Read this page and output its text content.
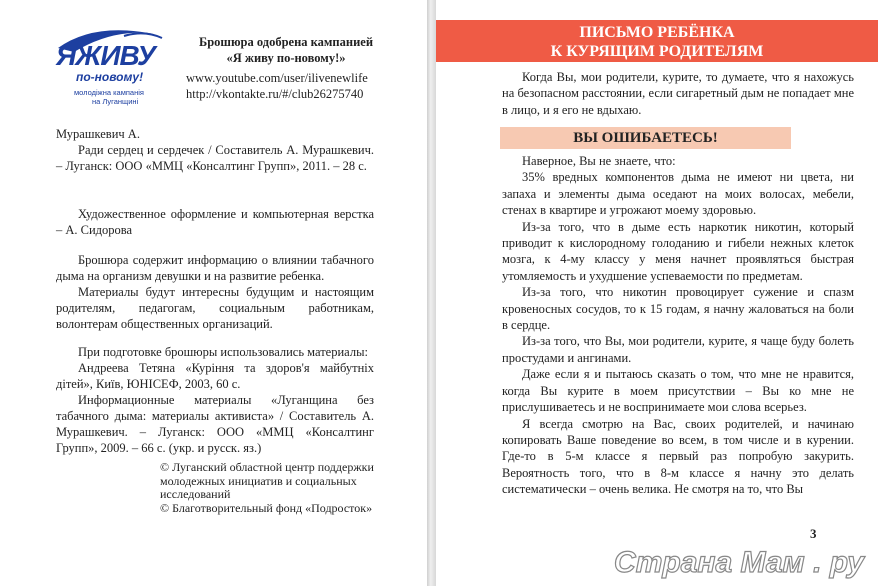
ЯЖИВУ
по-новому!
молодіжна кампанія
на Луганщині
Брошюра одобрена кампанией
«Я живу по-новому!»
www.youtube.com/user/ilivenewlife
http://vkontakte.ru/#/club26275740

Мурашкевич А.

Ради сердец и сердечек / Составитель А. Мурашкевич. – Луганск: ООО «ММЦ «Консалтинг Групп», 2011. – 28 с.

Художественное оформление и компьютерная верстка – А. Сидорова

Брошюра содержит информацию о влиянии табачного дыма на организм девушки и на развитие ребенка.

Материалы будут интересны будущим и настоящим родителям, педагогам, социальным работникам, волонтерам общественных организаций.

При подготовке брошюры использовались материалы:

Андреева Тетяна «Куріння та здоров'я майбутніх дітей», Київ, ЮНІСЕФ, 2003, 60 с.

Информационные материалы «Луганщина без табачного дыма: материалы активиста» / Составитель А. Мурашкевич. – Луганск: ООО «ММЦ «Консалтинг Групп», 2009. – 66 с. (укр. и русск. яз.)

© Луганский областной центр поддержки молодежных инициатив и социальных исследований

© Благотворительный фонд «Подросток»

ПИСЬМО РЕБЁНКА
К КУРЯЩИМ РОДИТЕЛЯМ

Когда Вы, мои родители, курите, то думаете, что я нахожусь на безопасном расстоянии, если сигаретный дым не попадает мне в лицо, и я его не вдыхаю.

ВЫ ОШИБАЕТЕСЬ!

Наверное, Вы не знаете, что:

35% вредных компонентов дыма не имеют ни цвета, ни запаха и элементы дыма оседают на моих волосах, мебели, стенах в квартире и угрожают моему здоровью.

Из-за того, что в дыме есть наркотик никотин, который приводит к кислородному голоданию и гибели нежных клеток мозга, к 4-му классу у меня начнет проявляться быстрая утомляемость и ухудшение успеваемости по предметам.

Из-за того, что никотин провоцирует сужение и спазм кровеносных сосудов, то к 15 годам, я начну жаловаться на боли в сердце.

Из-за того, что Вы, мои родители, курите, я чаще буду болеть простудами и ангинами.

Даже если я и пытаюсь сказать о том, что мне не нравится, когда Вы курите в моем присутствии – Вы ко мне не прислушиваетесь и не воспринимаете мои слова всерьез.

Я всегда смотрю на Вас, своих родителей, и начинаю копировать Ваше поведение во всем, в том числе и в курении. Где-то в 5-м классе я первый раз попробую закурить. Вероятность того, что в 8-м классе я начну это делать систематически – очень велика. Не смотря на то, что Вы

3
Страна Мам . ру
